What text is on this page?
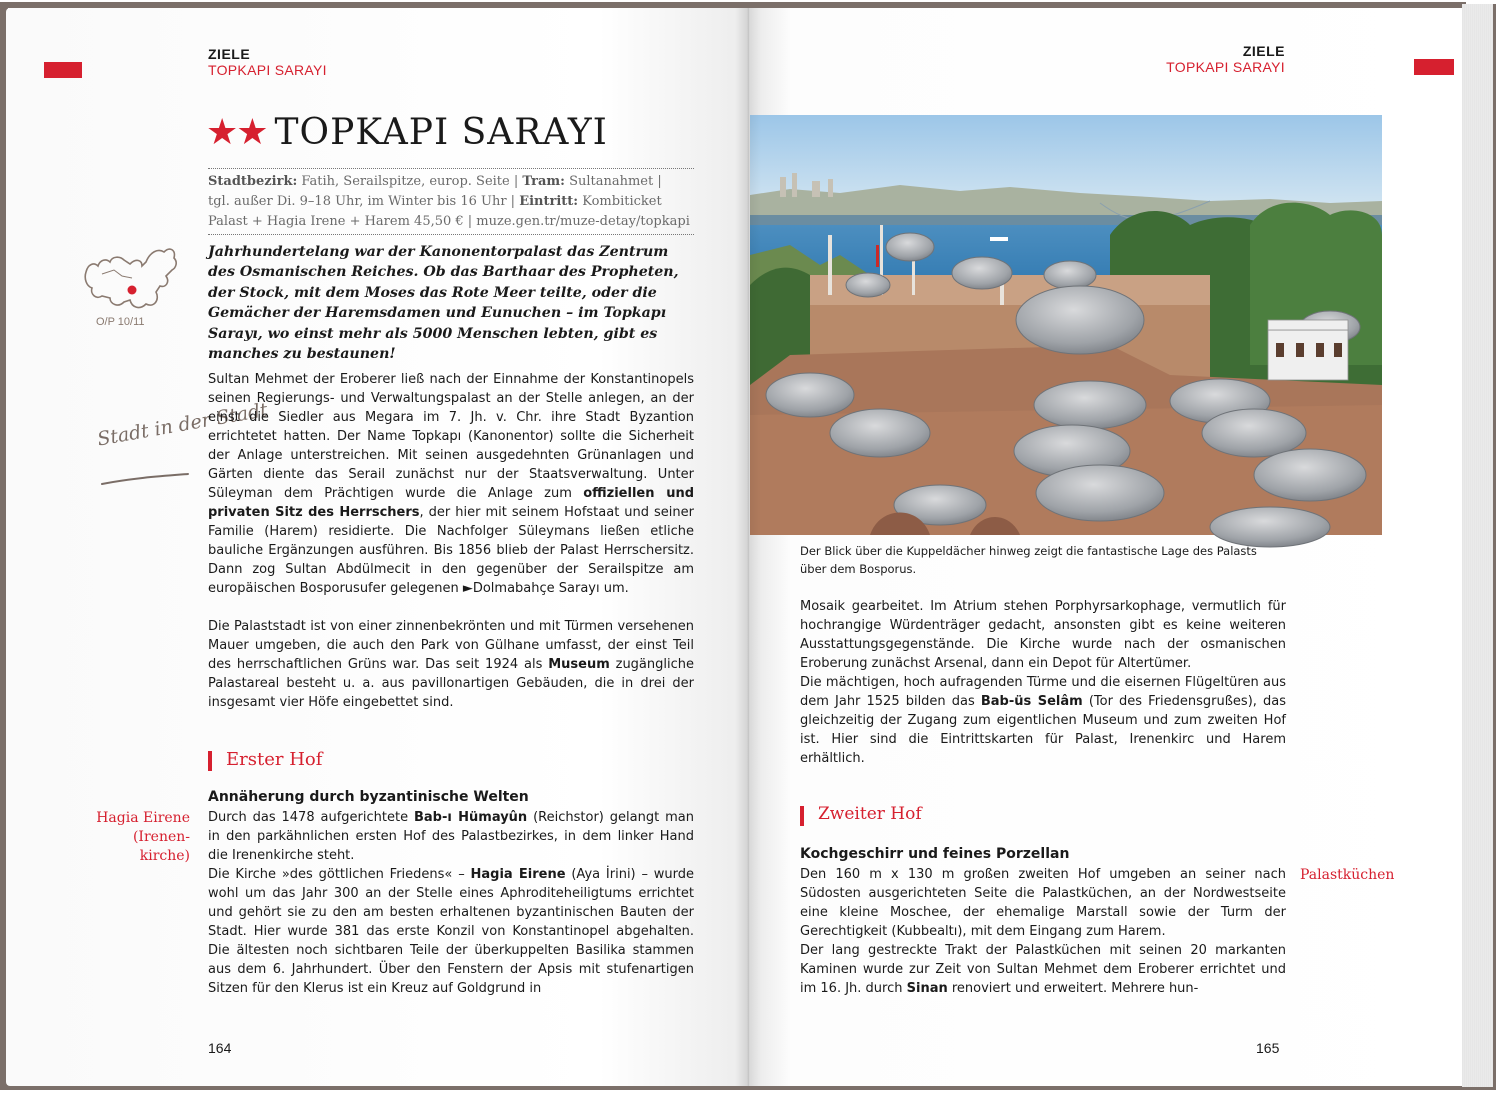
ZIELE
TOPKAPI SARAYI
★★ TOPKAPI SARAYI
Stadtbezirk: Fatih, Serailspitze, europ. Seite | Tram: Sultanahmet |
tgl. außer Di. 9–18 Uhr, im Winter bis 16 Uhr | Eintritt: Kombiticket
Palast + Hagia Irene + Harem 45,50 € | muze.gen.tr/muze-detay/topkapi
O/P 10/11
Stadt in der Stadt
Jahrhundertelang war der Kanonentorpalast das Zentrum des Osmanischen Reiches. Ob das Barthaar des Propheten, der Stock, mit dem Moses das Rote Meer teilte, oder die Gemächer der Haremsdamen und Eunuchen – im Topkapı Sarayı, wo einst mehr als 5000 Menschen lebten, gibt es manches zu bestaunen!
Sultan Mehmet der Eroberer ließ nach der Einnahme der Konstantinopels seinen Regierungs- und Verwaltungspalast an der Stelle anlegen, an der einst die Siedler aus Megara im 7. Jh. v. Chr. ihre Stadt Byzantion errichtetet hatten. Der Name Topkapı (Kanonentor) sollte die Sicherheit der Anlage unterstreichen. Mit seinen ausgedehnten Grünanlagen und Gärten diente das Serail zunächst nur der Staatsverwaltung. Unter Süleyman dem Prächtigen wurde die Anlage zum offiziellen und privaten Sitz des Herrschers, der hier mit seinem Hofstaat und seiner Familie (Harem) residierte. Die Nachfolger Süleymans ließen etliche bauliche Ergänzungen ausführen. Bis 1856 blieb der Palast Herrschersitz. Dann zog Sultan Abdülmecit in den gegenüber der Serailspitze am europäischen Bosporusufer gelegenen ►Dolmabahçe Sarayı um.
Die Palaststadt ist von einer zinnenbekrönten und mit Türmen versehenen Mauer umgeben, die auch den Park von Gülhane umfasst, der einst Teil des herrschaftlichen Grüns war. Das seit 1924 als Museum zugängliche Palastareal besteht u. a. aus pavillonartigen Gebäuden, die in drei der insgesamt vier Höfe eingebettet sind.
Erster Hof
Annäherung durch byzantinische Welten
Hagia Eirene (Irenen-kirche)
Durch das 1478 aufgerichtete Bab-ı Hümayûn (Reichstor) gelangt man in den parkähnlichen ersten Hof des Palastbezirkes, in dem linker Hand die Irenenkirche steht.
Die Kirche »des göttlichen Friedens« – Hagia Eirene (Aya İrini) – wurde wohl um das Jahr 300 an der Stelle eines Aphroditeheiligtums errichtet und gehört sie zu den am besten erhaltenen byzantinischen Bauten der Stadt. Hier wurde 381 das erste Konzil von Konstantinopel abgehalten. Die ältesten noch sichtbaren Teile der überkuppelten Basilika stammen aus dem 6. Jahrhundert. Über den Fenstern der Apsis mit stufenartigen Sitzen für den Klerus ist ein Kreuz auf Goldgrund in
164
ZIELE
TOPKAPI SARAYI
Der Blick über die Kuppeldächer hinweg zeigt die fantastische Lage des Palasts über dem Bosporus.
Mosaik gearbeitet. Im Atrium stehen Porphyrsarkophage, vermutlich für hochrangige Würdenträger gedacht, ansonsten gibt es keine weiteren Ausstattungsgegenstände. Die Kirche wurde nach der osmanischen Eroberung zunächst Arsenal, dann ein Depot für Altertümer.
Die mächtigen, hoch aufragenden Türme und die eisernen Flügeltüren aus dem Jahr 1525 bilden das Bab-üs Selâm (Tor des Friedensgrußes), das gleichzeitig der Zugang zum eigentlichen Museum und zum zweiten Hof ist. Hier sind die Eintrittskarten für Palast, Irenenkirc und Harem erhältlich.
Zweiter Hof
Kochgeschirr und feines Porzellan
Palastküchen
Den 160 m x 130 m großen zweiten Hof umgeben an seiner nach Südosten ausgerichteten Seite die Palastküchen, an der Nordwestseite eine kleine Moschee, der ehemalige Marstall sowie der Turm der Gerechtigkeit (Kubbealtı), mit dem Eingang zum Harem.
Der lang gestreckte Trakt der Palastküchen mit seinen 20 markanten Kaminen wurde zur Zeit von Sultan Mehmet dem Eroberer errichtet und im 16. Jh. durch Sinan renoviert und erweitert. Mehrere hun-
165
